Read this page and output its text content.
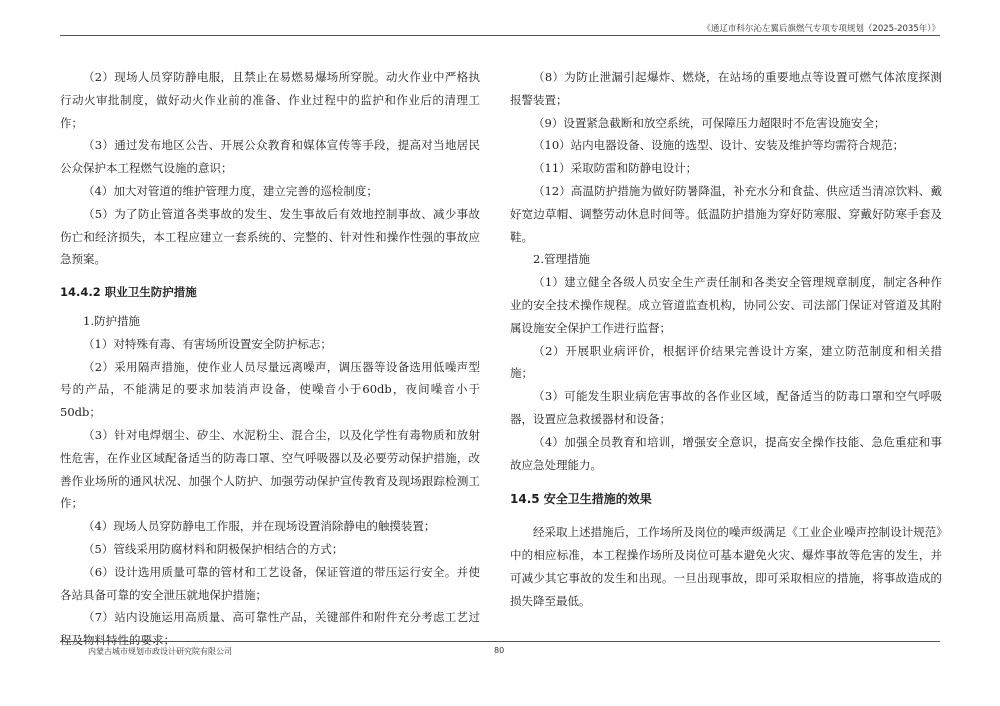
《通辽市科尔沁左翼后旗燃气专项专项规划（2025-2035年）》

（2）现场人员穿防静电服，且禁止在易燃易爆场所穿脱。动火作业中严格执行动火审批制度，做好动火作业前的准备、作业过程中的监护和作业后的清理工作；

（3）通过发布地区公告、开展公众教育和媒体宣传等手段，提高对当地居民公众保护本工程燃气设施的意识；

（4）加大对管道的维护管理力度，建立完善的巡检制度；

（5）为了防止管道各类事故的发生、发生事故后有效地控制事故、减少事故伤亡和经济损失，本工程应建立一套系统的、完整的、针对性和操作性强的事故应急预案。

14.4.2 职业卫生防护措施

1.防护措施

（1）对特殊有毒、有害场所设置安全防护标志；

（2）采用隔声措施，使作业人员尽量远离噪声，调压器等设备选用低噪声型号的产品，不能满足的要求加装消声设备，使噪音小于60db，夜间噪音小于50db；

（3）针对电焊烟尘、矽尘、水泥粉尘、混合尘，以及化学性有毒物质和放射性危害，在作业区域配备适当的防毒口罩、空气呼吸器以及必要劳动保护措施，改善作业场所的通风状况、加强个人防护、加强劳动保护宣传教育及现场跟踪检测工作；

（4）现场人员穿防静电工作服，并在现场设置消除静电的触摸装置；

（5）管线采用防腐材料和阴极保护相结合的方式；

（6）设计选用质量可靠的管材和工艺设备，保证管道的带压运行安全。并使各站具备可靠的安全泄压就地保护措施；

（7）站内设施运用高质量、高可靠性产品，关键部件和附件充分考虑工艺过程及物料特性的要求；

（8）为防止泄漏引起爆炸、燃烧，在站场的重要地点等设置可燃气体浓度探测报警装置；

（9）设置紧急截断和放空系统，可保障压力超限时不危害设施安全；

（10）站内电器设备、设施的选型、设计、安装及维护等均需符合规范；

（11）采取防雷和防静电设计；

（12）高温防护措施为做好防暑降温，补充水分和食盐、供应适当清凉饮料、戴好宽边草帽、调整劳动休息时间等。低温防护措施为穿好防寒服、穿戴好防寒手套及鞋。

2.管理措施

（1）建立健全各级人员安全生产责任制和各类安全管理规章制度，制定各种作业的安全技术操作规程。成立管道监查机构，协同公安、司法部门保证对管道及其附属设施安全保护工作进行监督；

（2）开展职业病评价，根据评价结果完善设计方案，建立防范制度和相关措施；

（3）可能发生职业病危害事故的各作业区域，配备适当的防毒口罩和空气呼吸器，设置应急救援器材和设备；

（4）加强全员教育和培训，增强安全意识，提高安全操作技能、急危重症和事故应急处理能力。

14.5 安全卫生措施的效果

经采取上述措施后，工作场所及岗位的噪声级满足《工业企业噪声控制设计规范》中的相应标准，本工程操作场所及岗位可基本避免火灾、爆炸事故等危害的发生，并可减少其它事故的发生和出现。一旦出现事故，即可采取相应的措施，将事故造成的损失降至最低。

内蒙古城市规划市政设计研究院有限公司	80
